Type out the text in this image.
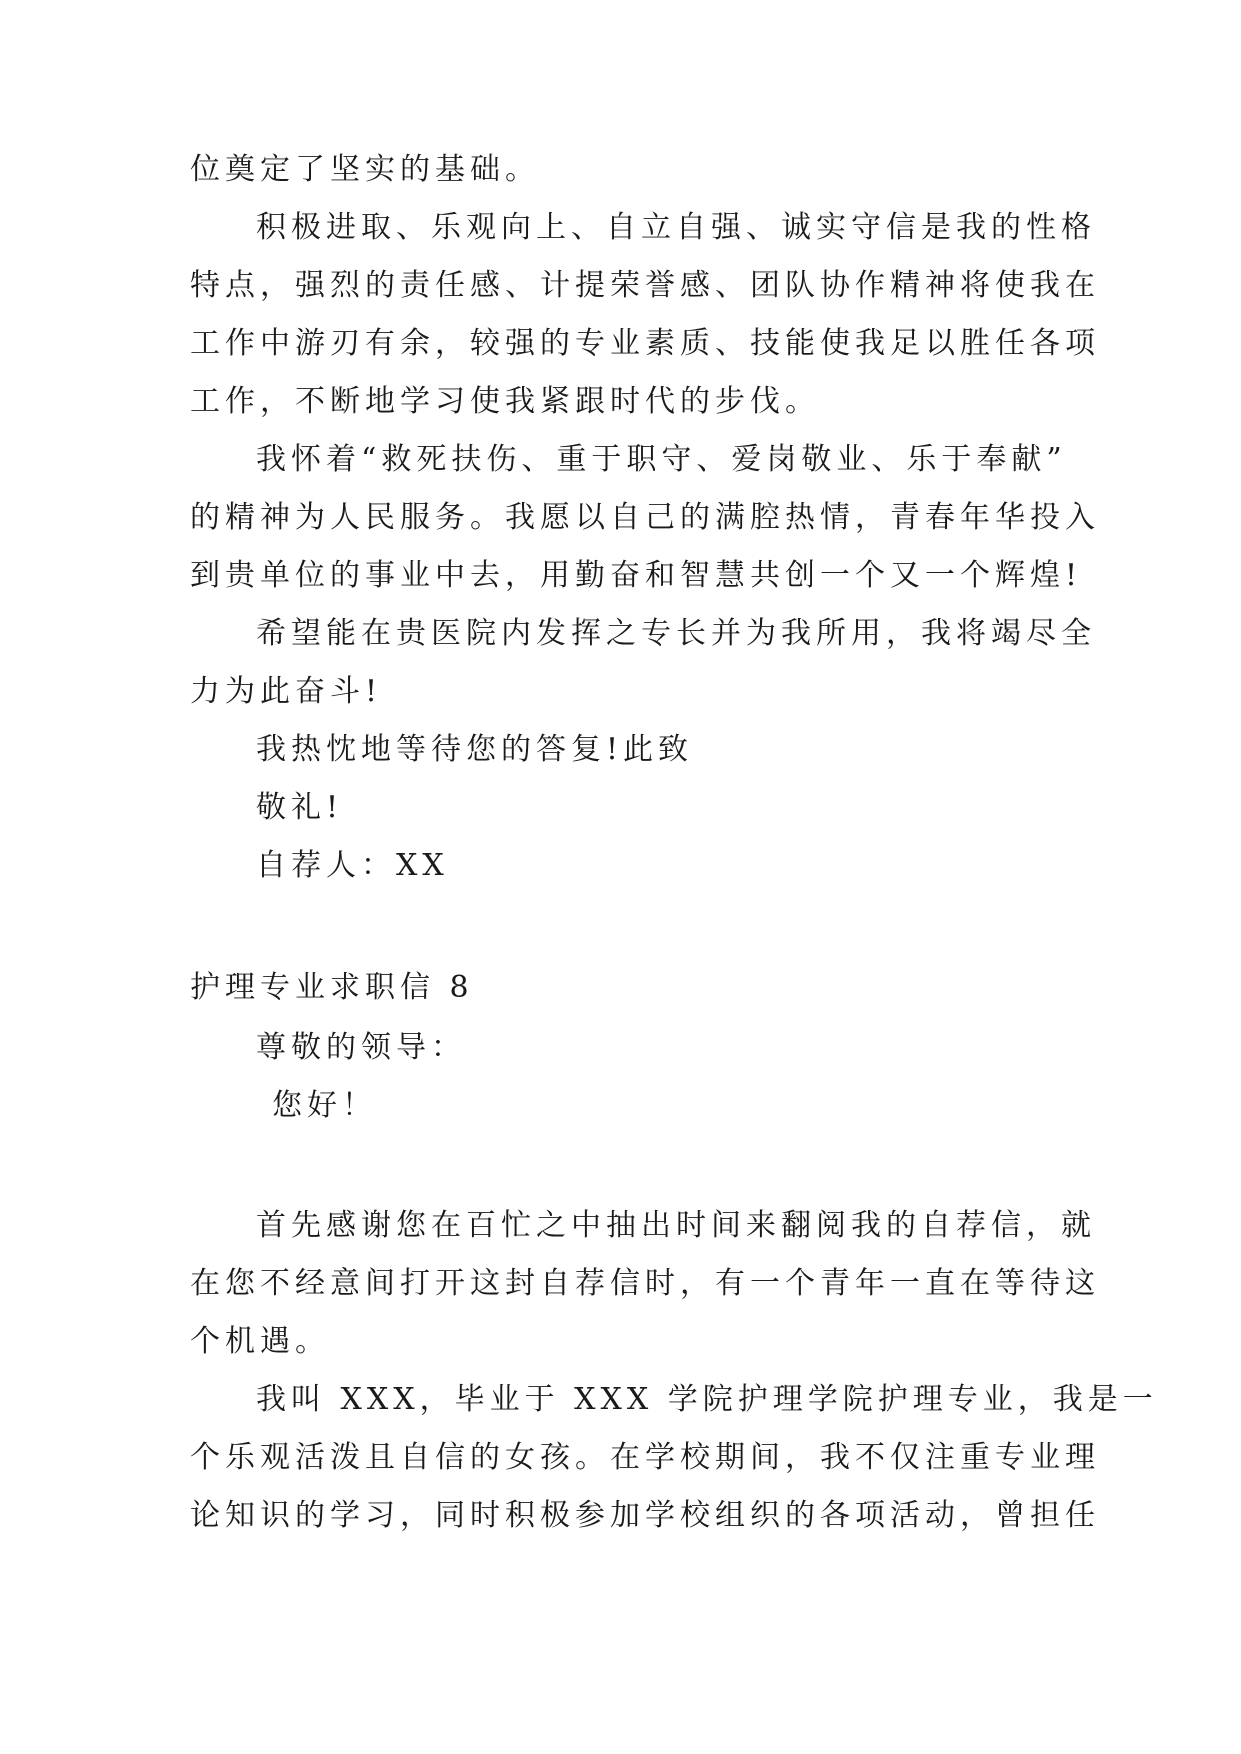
位奠定了坚实的基础。
积极进取、乐观向上、自立自强、诚实守信是我的性格
特点，强烈的责任感、计提荣誉感、团队协作精神将使我在
工作中游刃有余，较强的专业素质、技能使我足以胜任各项
工作，不断地学习使我紧跟时代的步伐。
我怀着“救死扶伤、重于职守、爱岗敬业、乐于奉献”
的精神为人民服务。我愿以自己的满腔热情，青春年华投入
到贵单位的事业中去，用勤奋和智慧共创一个又一个辉煌!
希望能在贵医院内发挥之专长并为我所用，我将竭尽全
力为此奋斗!
我热忱地等待您的答复!此致
敬礼!
自荐人：XX
护理专业求职信 8
尊敬的领导：
您好！
首先感谢您在百忙之中抽出时间来翻阅我的自荐信，就
在您不经意间打开这封自荐信时，有一个青年一直在等待这
个机遇。
我叫 XXX，毕业于 XXX 学院护理学院护理专业，我是一
个乐观活泼且自信的女孩。在学校期间，我不仅注重专业理
论知识的学习，同时积极参加学校组织的各项活动，曾担任
